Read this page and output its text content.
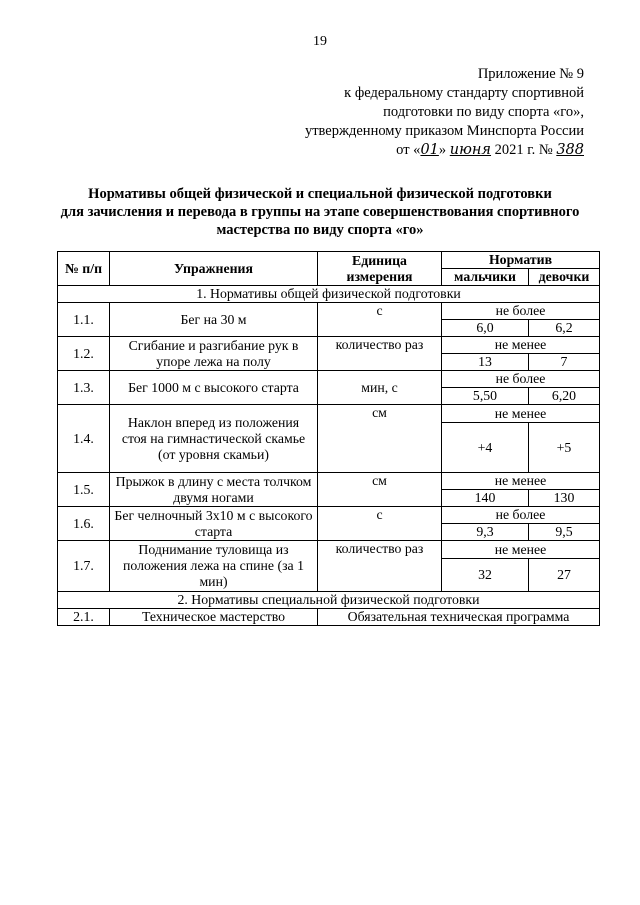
19
Приложение № 9
к федеральному стандарту спортивной
подготовки по виду спорта «го»,
утвержденному приказом Минспорта России
от «01» июня 2021 г. № 388
Нормативы общей физической и специальной физической подготовки
для зачисления и перевода в группы на этапе совершенствования спортивного
мастерства по виду спорта «го»
№ п/п	Упражнения	Единица измерения	Норматив	
			мальчики	девочки
1. Нормативы общей физической подготовки				
1.1.	Бег на 30 м	с	не более	
			6,0	6,2
1.2.	Сгибание и разгибание рук в упоре лежа на полу	количество раз	не менее	
			13	7
1.3.	Бег 1000 м с высокого старта	мин, с	не более	
			5,50	6,20
1.4.	Наклон вперед из положения стоя на гимнастической скамье (от уровня скамьи)	см	не менее	
			+4	+5
1.5.	Прыжок в длину с места толчком двумя ногами	см	не менее	
			140	130
1.6.	Бег челночный 3х10 м с высокого старта	с	не более	
			9,3	9,5
1.7.	Поднимание туловища из положения лежа на спине (за 1 мин)	количество раз	не менее	
			32	27
2. Нормативы специальной физической подготовки				
2.1.	Техническое мастерство	Обязательная техническая программа		
